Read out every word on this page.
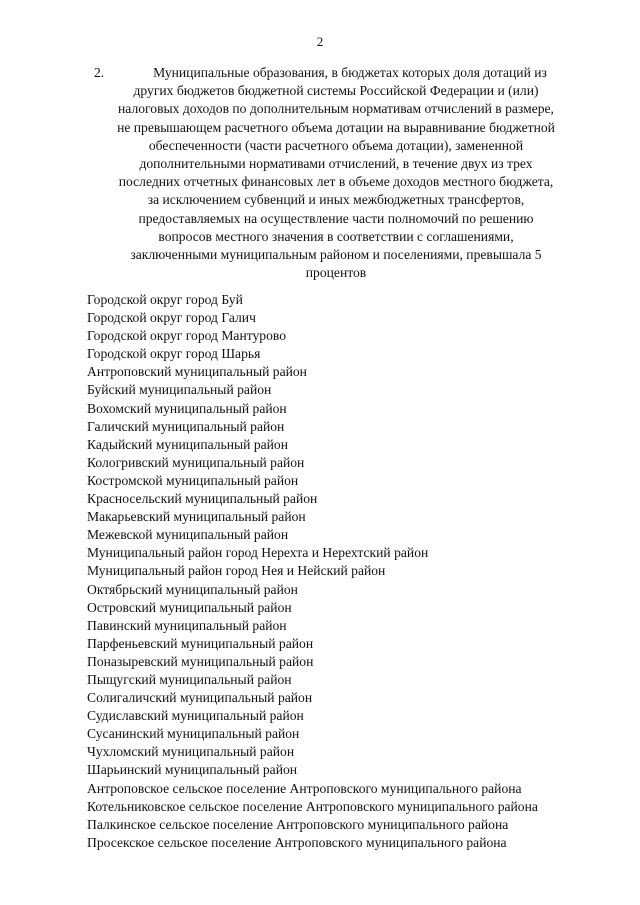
2
2.	Муниципальные образования, в бюджетах которых доля дотаций из
других бюджетов бюджетной системы Российской Федерации и (или)
налоговых доходов по дополнительным нормативам отчислений в размере,
не превышающем расчетного объема дотации на выравнивание бюджетной
обеспеченности (части расчетного объема дотации), замененной
дополнительными нормативами отчислений, в течение двух из трех
последних отчетных финансовых лет в объеме доходов местного бюджета,
за исключением субвенций и иных межбюджетных трансфертов,
предоставляемых на осуществление части полномочий по решению
вопросов местного значения в соответствии с соглашениями,
заключенными муниципальным районом и поселениями, превышала 5
процентов
Городской округ город Буй
Городской округ город Галич
Городской округ город Мантурово
Городской округ город Шарья
Антроповский муниципальный район
Буйский муниципальный район
Вохомский муниципальный район
Галичский муниципальный район
Кадыйский муниципальный район
Кологривский муниципальный район
Костромской муниципальный район
Красносельский муниципальный район
Макарьевский муниципальный район
Межевской муниципальный район
Муниципальный район город Нерехта и Нерехтский район
Муниципальный район город Нея и Нейский район
Октябрьский муниципальный район
Островский муниципальный район
Павинский муниципальный район
Парфеньевский муниципальный район
Поназыревский муниципальный район
Пыщугский муниципальный район
Солигаличский муниципальный район
Судиславский муниципальный район
Сусанинский муниципальный район
Чухломский муниципальный район
Шарьинский муниципальный район
Антроповское сельское поселение Антроповского муниципального района
Котельниковское сельское поселение Антроповского муниципального района
Палкинское сельское поселение Антроповского муниципального района
Просекское сельское поселение Антроповского муниципального района
